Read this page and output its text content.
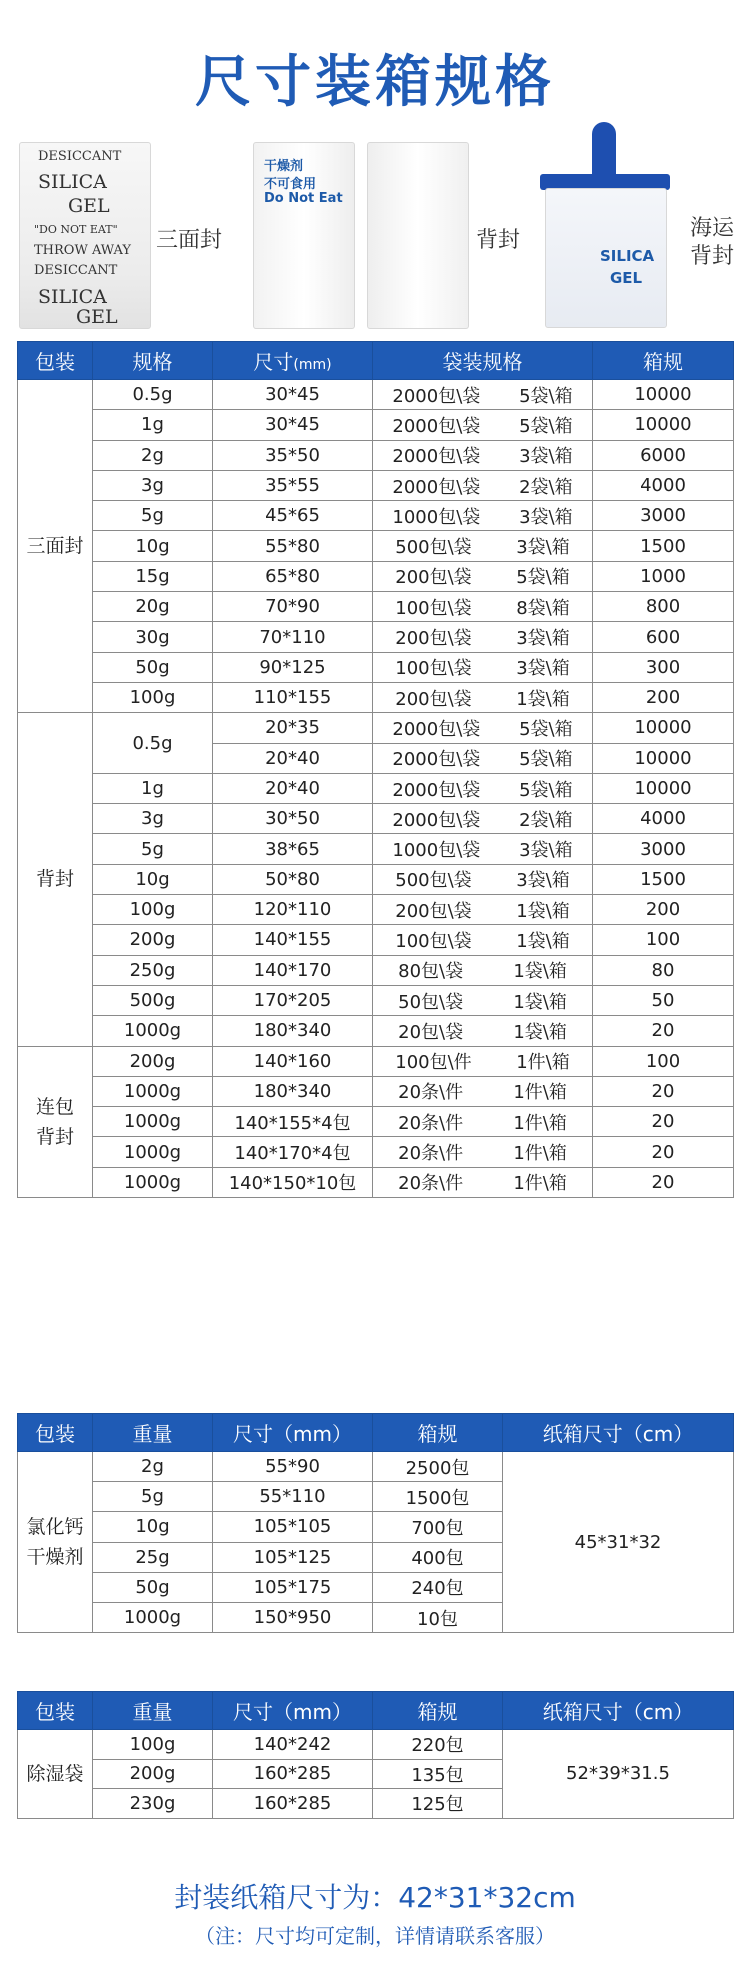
尺寸装箱规格
DESICCANT
SILICA
GEL
"DO NOT EAT"
THROW AWAY
DESICCANT
SILICA
GEL
三面封
干燥剂
不可食用
Do Not Eat
背封
SILICA
GEL
海运
背封
包装	规格	尺寸(mm)	袋装规格	箱规
三面封	0.5g	30*45	2000包\袋 5袋\箱	10000
	1g	30*45	2000包\袋 5袋\箱	10000
	2g	35*50	2000包\袋 3袋\箱	6000
	3g	35*55	2000包\袋 2袋\箱	4000
	5g	45*65	1000包\袋 3袋\箱	3000
	10g	55*80	500包\袋 3袋\箱	1500
	15g	65*80	200包\袋 5袋\箱	1000
	20g	70*90	100包\袋 8袋\箱	800
	30g	70*110	200包\袋 3袋\箱	600
	50g	90*125	100包\袋 3袋\箱	300
	100g	110*155	200包\袋 1袋\箱	200
背封	0.5g	20*35	2000包\袋 5袋\箱	10000
		20*40	2000包\袋 5袋\箱	10000
	1g	20*40	2000包\袋 5袋\箱	10000
	3g	30*50	2000包\袋 2袋\箱	4000
	5g	38*65	1000包\袋 3袋\箱	3000
	10g	50*80	500包\袋 3袋\箱	1500
	100g	120*110	200包\袋 1袋\箱	200
	200g	140*155	100包\袋 1袋\箱	100
	250g	140*170	80包\袋 1袋\箱	80
	500g	170*205	50包\袋 1袋\箱	50
	1000g	180*340	20包\袋 1袋\箱	20
连包
背封	200g	140*160	100包\件 1件\箱	100
	1000g	180*340	20条\件 1件\箱	20
	1000g	140*155*4包	20条\件 1件\箱	20
	1000g	140*170*4包	20条\件 1件\箱	20
	1000g	140*150*10包	20条\件 1件\箱	20
包装	重量	尺寸（mm）	箱规	纸箱尺寸（cm）
氯化钙
干燥剂	2g	55*90	2500包	45*31*32
	5g	55*110	1500包	
	10g	105*105	700包	
	25g	105*125	400包	
	50g	105*175	240包	
	1000g	150*950	10包	
包装	重量	尺寸（mm）	箱规	纸箱尺寸（cm）
除湿袋	100g	140*242	220包	52*39*31.5
	200g	160*285	135包	
	230g	160*285	125包	
封装纸箱尺寸为：42*31*32cm
（注：尺寸均可定制，详情请联系客服）
